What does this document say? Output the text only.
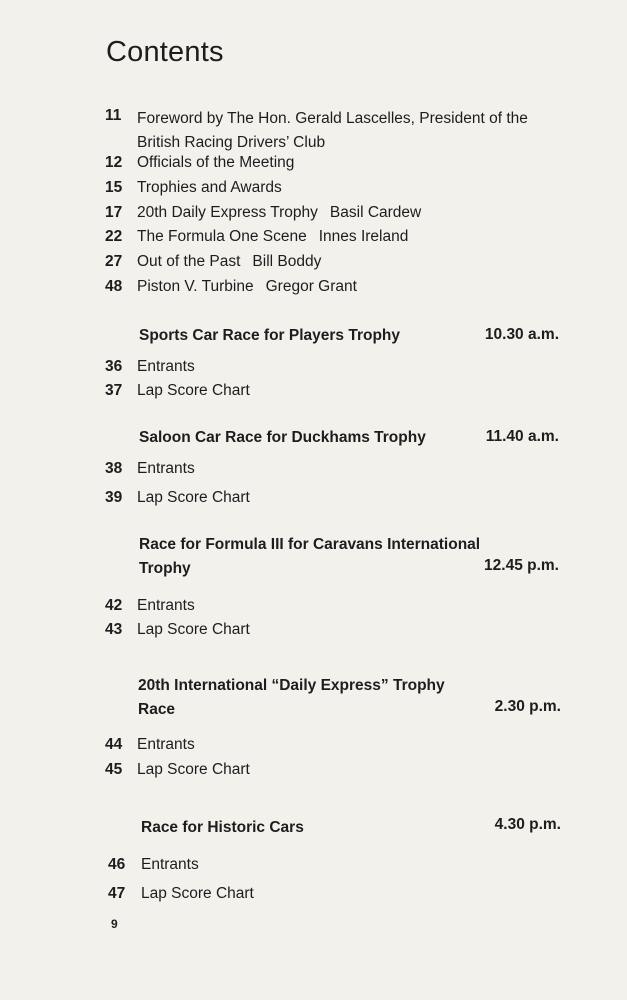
Contents
11	Foreword by The Hon. Gerald Lascelles, President of the British Racing Drivers’ Club
12 Officials of the Meeting
15 Trophies and Awards
17 20th Daily Express Trophy Basil Cardew
22 The Formula One Scene Innes Ireland
27 Out of the Past Bill Boddy
48 Piston V. Turbine Gregor Grant
Sports Car Race for Players Trophy	10.30 a.m.
36 Entrants
37 Lap Score Chart
Saloon Car Race for Duckhams Trophy	11.40 a.m.
38 Entrants
39 Lap Score Chart
Race for Formula III for Caravans International
Trophy	12.45 p.m.
42 Entrants
43 Lap Score Chart
20th International “Daily Express” Trophy
Race	2.30 p.m.
44 Entrants
45 Lap Score Chart
Race for Historic Cars	4.30 p.m.
46	Entrants
47	Lap Score Chart
9
